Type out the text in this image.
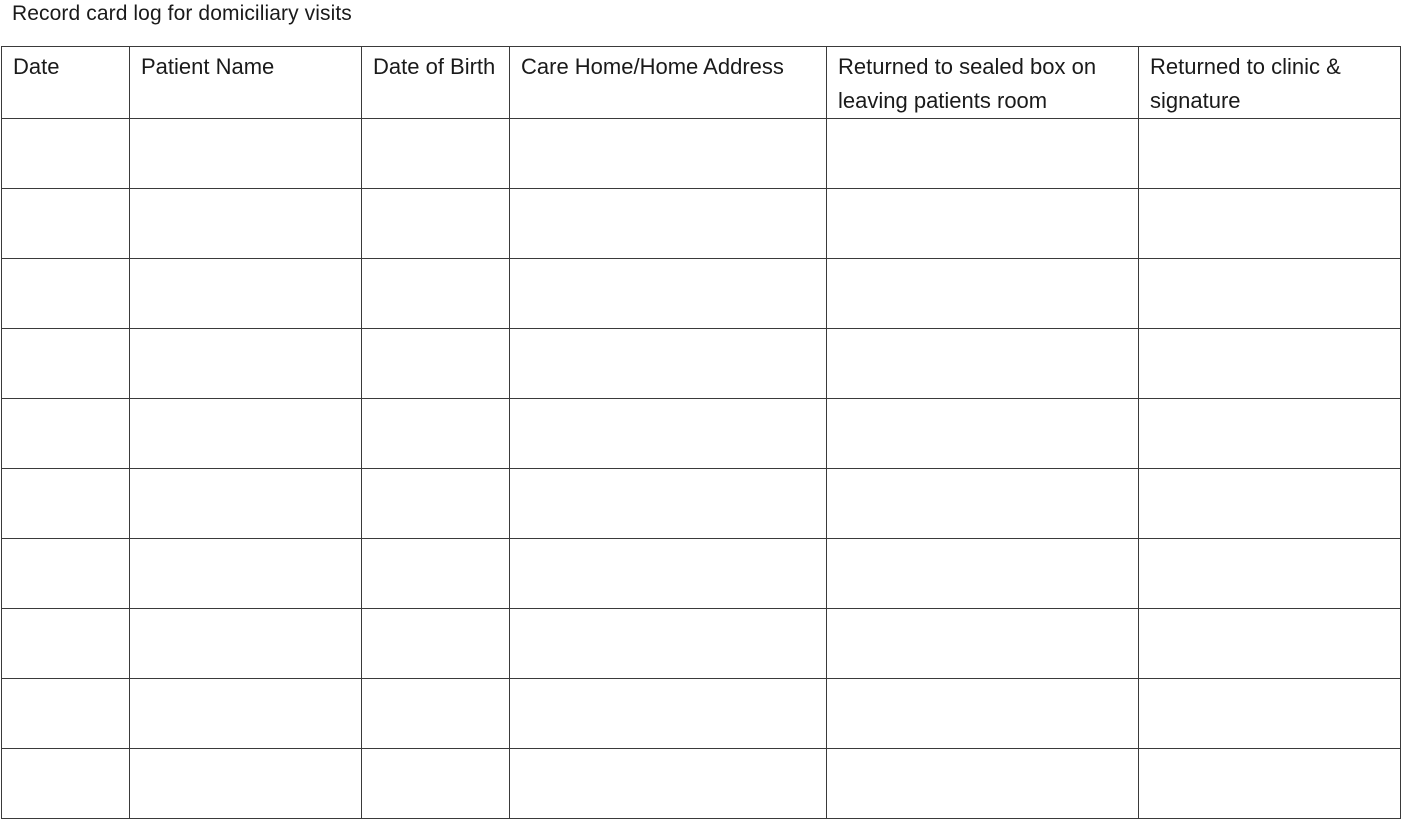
Record card log for domiciliary visits
Date	Patient Name	Date of Birth	Care Home/Home Address	Returned to sealed box on leaving patients room	Returned to clinic & signature
